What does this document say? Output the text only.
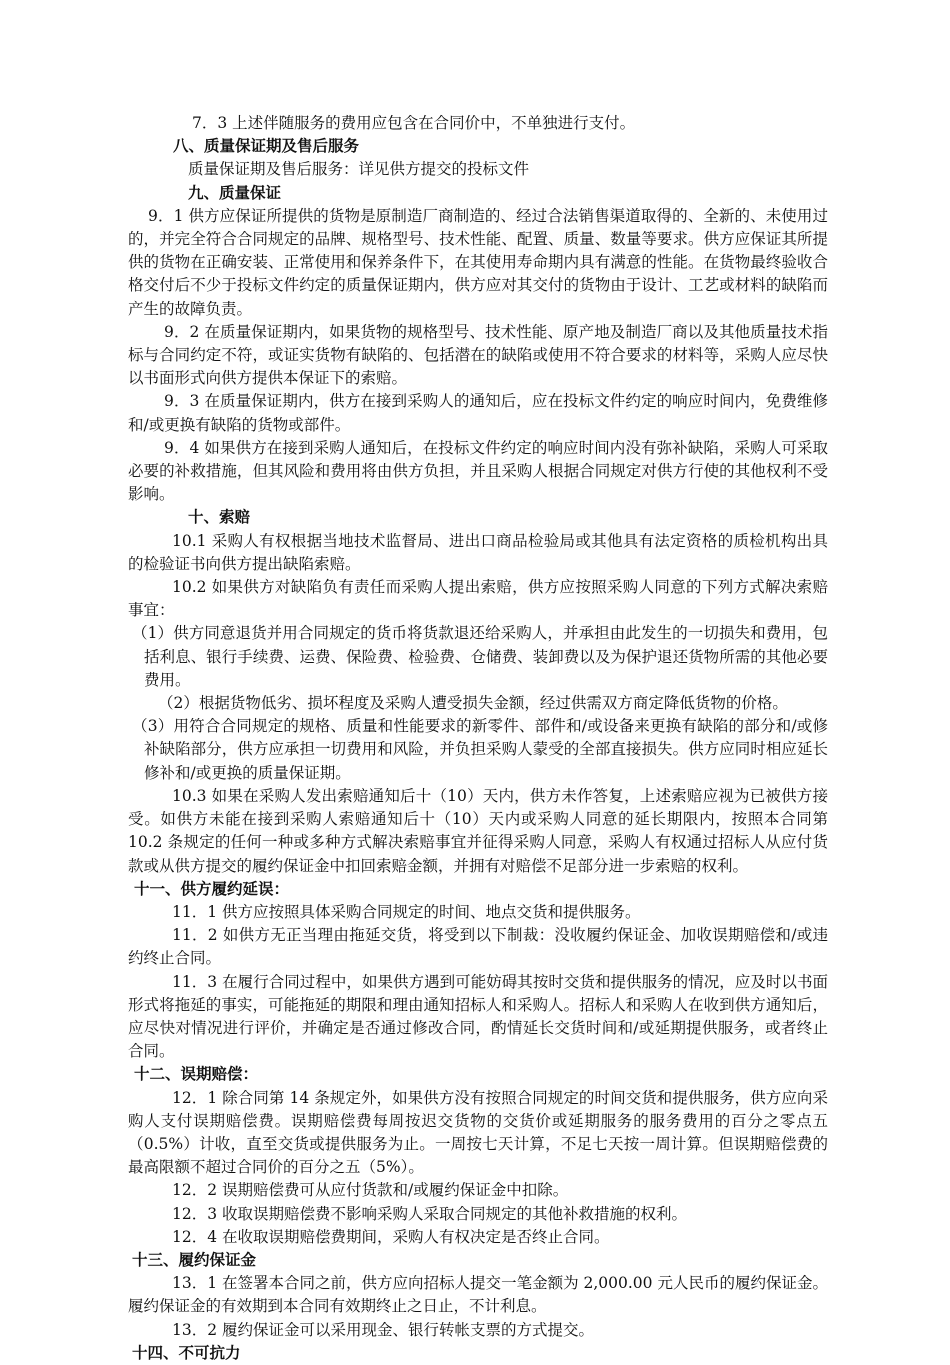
7．3 上述伴随服务的费用应包含在合同价中，不单独进行支付。

八、质量保证期及售后服务

质量保证期及售后服务：详见供方提交的投标文件

九、质量保证

9．1 供方应保证所提供的货物是原制造厂商制造的、经过合法销售渠道取得的、全新的、未使用过的，并完全符合合同规定的品牌、规格型号、技术性能、配置、质量、数量等要求。供方应保证其所提供的货物在正确安装、正常使用和保养条件下，在其使用寿命期内具有满意的性能。在货物最终验收合格交付后不少于投标文件约定的质量保证期内，供方应对其交付的货物由于设计、工艺或材料的缺陷而产生的故障负责。

9．2 在质量保证期内，如果货物的规格型号、技术性能、原产地及制造厂商以及其他质量技术指标与合同约定不符，或证实货物有缺陷的、包括潜在的缺陷或使用不符合要求的材料等，采购人应尽快以书面形式向供方提供本保证下的索赔。

9．3 在质量保证期内，供方在接到采购人的通知后，应在投标文件约定的响应时间内，免费维修和/或更换有缺陷的货物或部件。

9．4 如果供方在接到采购人通知后，在投标文件约定的响应时间内没有弥补缺陷，采购人可采取必要的补救措施，但其风险和费用将由供方负担，并且采购人根据合同规定对供方行使的其他权利不受影响。

十、索赔

10.1 采购人有权根据当地技术监督局、进出口商品检验局或其他具有法定资格的质检机构出具的检验证书向供方提出缺陷索赔。

10.2 如果供方对缺陷负有责任而采购人提出索赔，供方应按照采购人同意的下列方式解决索赔事宜：

（1）供方同意退货并用合同规定的货币将货款退还给采购人，并承担由此发生的一切损失和费用，包括利息、银行手续费、运费、保险费、检验费、仓储费、装卸费以及为保护退还货物所需的其他必要费用。

（2）根据货物低劣、损坏程度及采购人遭受损失金额，经过供需双方商定降低货物的价格。

（3）用符合合同规定的规格、质量和性能要求的新零件、部件和/或设备来更换有缺陷的部分和/或修补缺陷部分，供方应承担一切费用和风险，并负担采购人蒙受的全部直接损失。供方应同时相应延长修补和/或更换的质量保证期。

10.3 如果在采购人发出索赔通知后十（10）天内，供方未作答复，上述索赔应视为已被供方接受。如供方未能在接到采购人索赔通知后十（10）天内或采购人同意的延长期限内，按照本合同第 10.2 条规定的任何一种或多种方式解决索赔事宜并征得采购人同意，采购人有权通过招标人从应付货款或从供方提交的履约保证金中扣回索赔金额，并拥有对赔偿不足部分进一步索赔的权利。

十一、供方履约延误：

11．1 供方应按照具体采购合同规定的时间、地点交货和提供服务。

11．2 如供方无正当理由拖延交货，将受到以下制裁：没收履约保证金、加收误期赔偿和/或违约终止合同。

11．3 在履行合同过程中，如果供方遇到可能妨碍其按时交货和提供服务的情况，应及时以书面形式将拖延的事实，可能拖延的期限和理由通知招标人和采购人。招标人和采购人在收到供方通知后，应尽快对情况进行评价，并确定是否通过修改合同，酌情延长交货时间和/或延期提供服务，或者终止合同。

十二、误期赔偿：

12．1 除合同第 14 条规定外，如果供方没有按照合同规定的时间交货和提供服务，供方应向采购人支付误期赔偿费。误期赔偿费每周按迟交货物的交货价或延期服务的服务费用的百分之零点五（0.5%）计收，直至交货或提供服务为止。一周按七天计算，不足七天按一周计算。但误期赔偿费的最高限额不超过合同价的百分之五（5%）。

12．2 误期赔偿费可从应付货款和/或履约保证金中扣除。

12．3 收取误期赔偿费不影响采购人采取合同规定的其他补救措施的权利。

12．4 在收取误期赔偿费期间，采购人有权决定是否终止合同。

十三、履约保证金

13．1 在签署本合同之前，供方应向招标人提交一笔金额为 2,000.00 元人民币的履约保证金。履约保证金的有效期到本合同有效期终止之日止，不计利息。

13．2 履约保证金可以采用现金、银行转帐支票的方式提交。

十四、不可抗力
